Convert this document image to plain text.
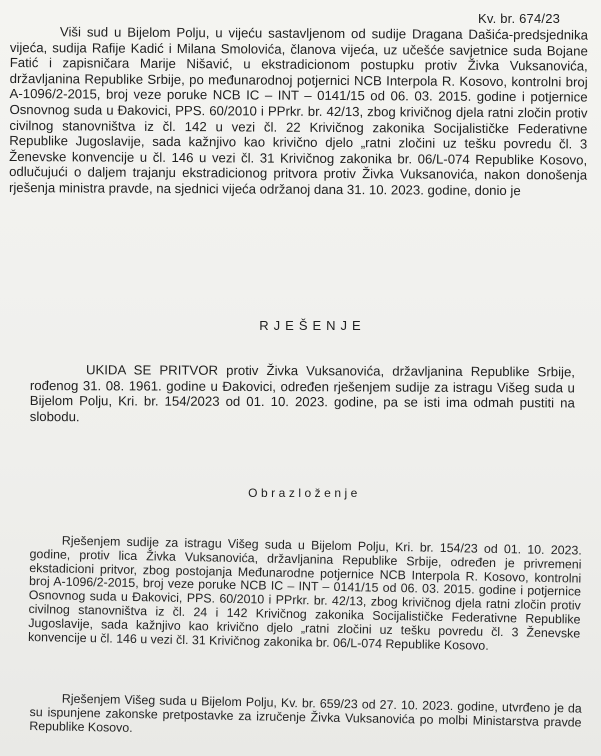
Kv. br. 674/23

Viši sud u Bijelom Polju, u vijeću sastavljenom od sudije Dragana Dašića-predsjednika vijeća, sudija Rafije Kadić i Milana Smolovića, članova vijeća, uz učešće savjetnice suda Bojane Fatić i zapisničara Marije Nišavić, u ekstradicionom postupku protiv Živka Vuksanovića, državljanina Republike Srbije, po međunarodnoj potjernici NCB Interpola R. Kosovo, kontrolni broj A-1096/2-2015, broj veze poruke NCB IC – INT – 0141/15 od 06. 03. 2015. godine i potjernice Osnovnog suda u Đakovici, PPS. 60/2010 i PPrkr. br. 42/13, zbog krivičnog djela ratni zločin protiv civilnog stanovništva iz čl. 142 u vezi čl. 22 Krivičnog zakonika Socijalističke Federativne Republike Jugoslavije, sada kažnjivo kao krivično djelo „ratni zločini uz tešku povredu čl. 3 Ženevske konvencije u čl. 146 u vezi čl. 31 Krivičnog zakonika br. 06/L-074 Republike Kosovo, odlučujući o daljem trajanju ekstradicionog pritvora protiv Živka Vuksanovića, nakon donošenja rješenja ministra pravde, na sjednici vijeća održanoj dana 31. 10. 2023. godine, donio je

RJEŠENJE

UKIDA SE PRITVOR protiv Živka Vuksanovića, državljanina Republike Srbije, rođenog 31. 08. 1961. godine u Đakovici, određen rješenjem sudije za istragu Višeg suda u Bijelom Polju, Kri. br. 154/2023 od 01. 10. 2023. godine, pa se isti ima odmah pustiti na slobodu.

Obrazloženje

Rješenjem sudije za istragu Višeg suda u Bijelom Polju, Kri. br. 154/23 od 01. 10. 2023. godine, protiv lica Živka Vuksanovića, državljanina Republike Srbije, određen je privremeni ekstadicioni pritvor, zbog postojanja Međunarodne potjernice NCB Interpola R. Kosovo, kontrolni broj A-1096/2-2015, broj veze poruke NCB IC – INT – 0141/15 od 06. 03. 2015. godine i potjernice Osnovnog suda u Đakovici, PPS. 60/2010 i PPrkr. br. 42/13, zbog krivičnog djela ratni zločin protiv civilnog stanovništva iz čl. 24 i 142 Krivičnog zakonika Socijalističke Federativne Republike Jugoslavije, sada kažnjivo kao krivično djelo „ratni zločini uz tešku povredu čl. 3 Ženevske konvencije u čl. 146 u vezi čl. 31 Krivičnog zakonika br. 06/L-074 Republike Kosovo.

Rješenjem Višeg suda u Bijelom Polju, Kv. br. 659/23 od 27. 10. 2023. godine, utvrđeno je da su ispunjene zakonske pretpostavke za izručenje Živka Vuksanovića po molbi Ministarstva pravde Republike Kosovo.
